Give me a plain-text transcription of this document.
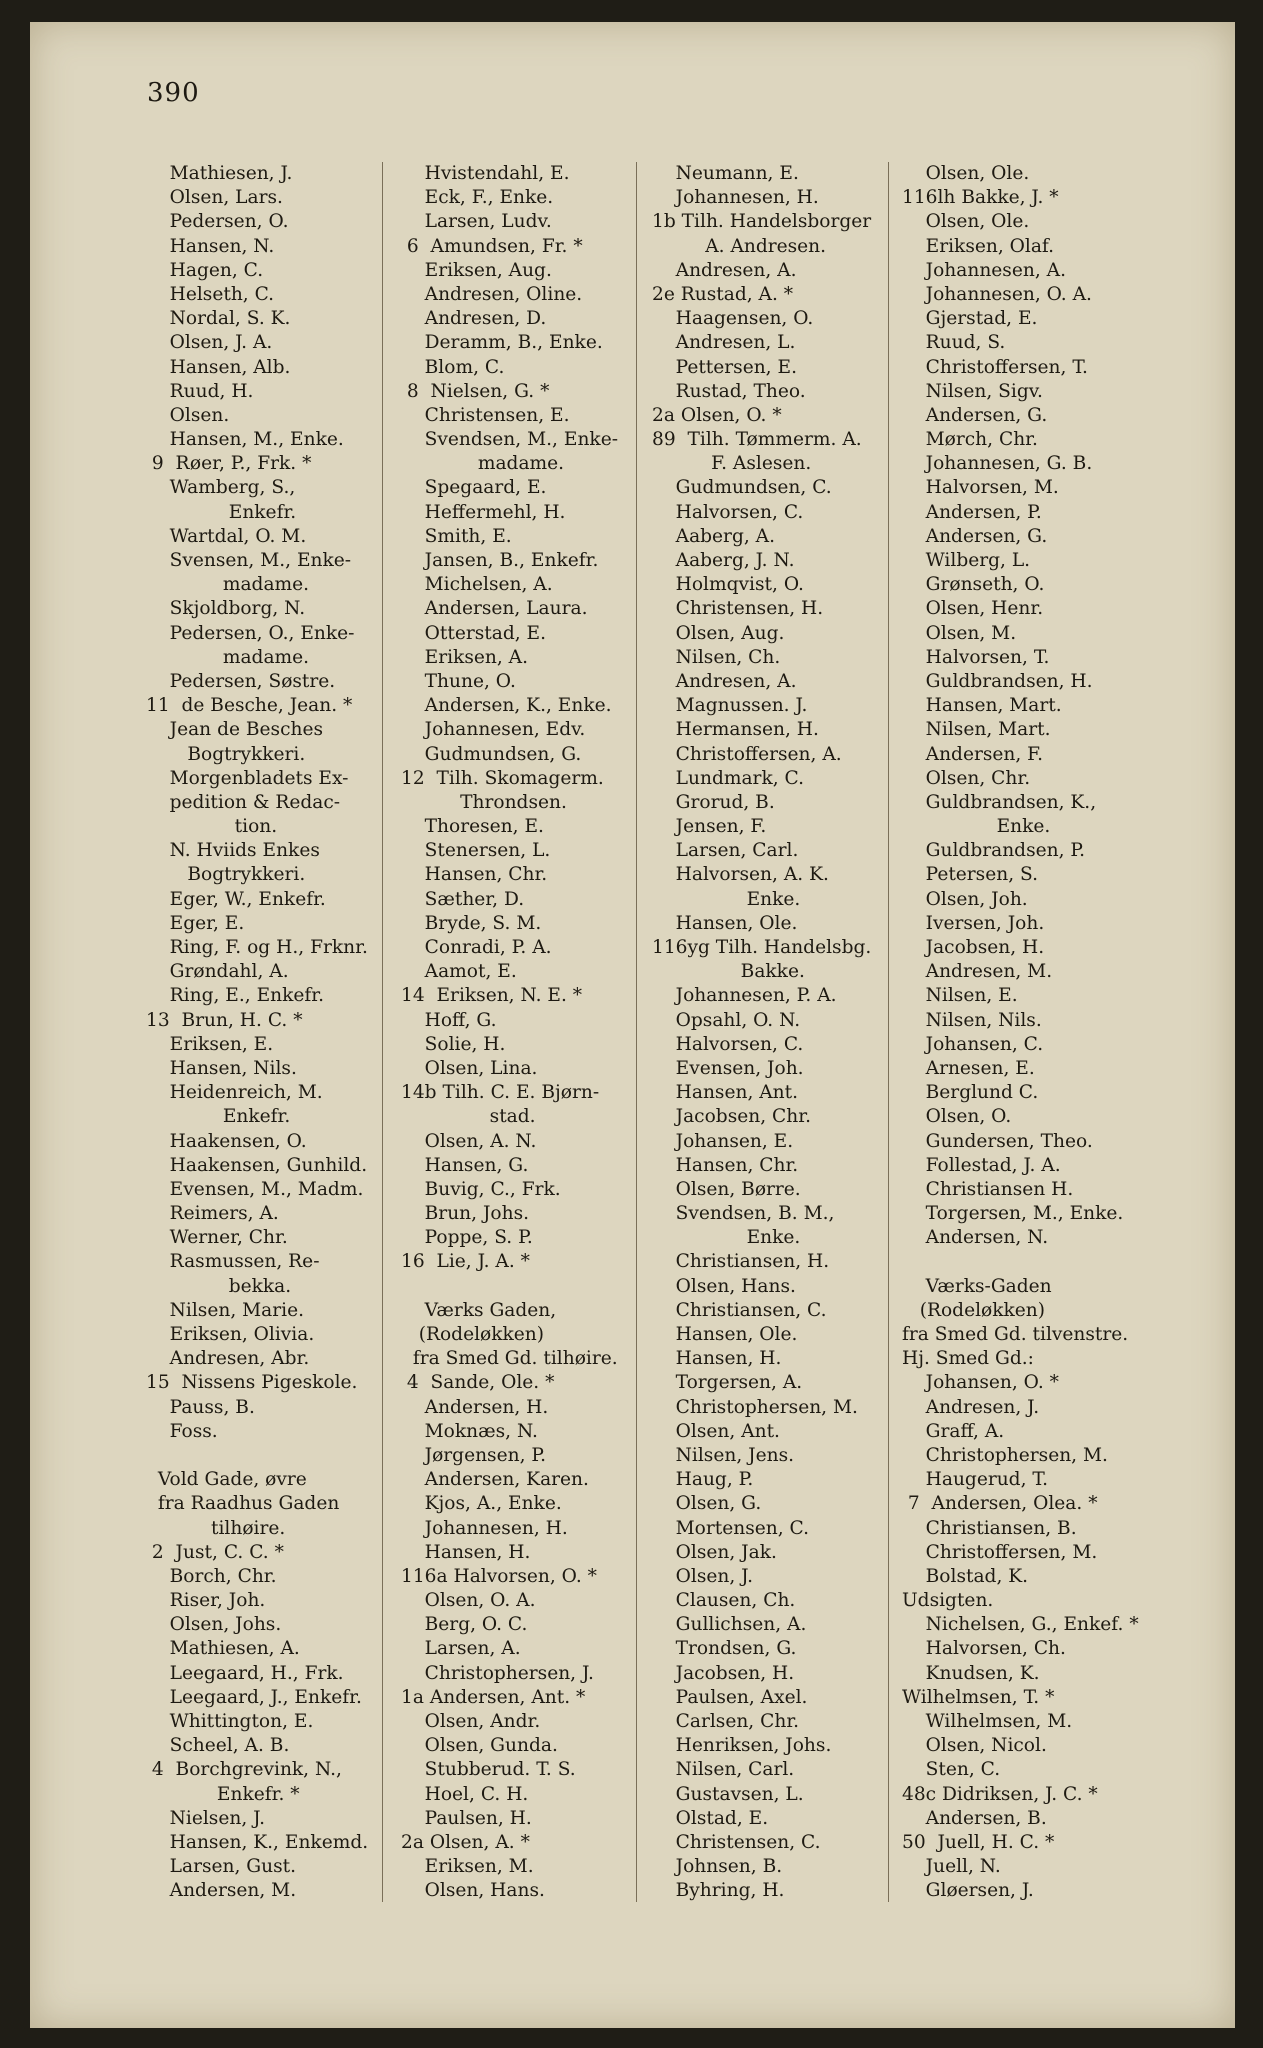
390
Mathiesen, J.
Olsen, Lars.
Pedersen, O.
Hansen, N.
Hagen, C.
Helseth, C.
Nordal, S. K.
Olsen, J. A.
Hansen, Alb.
Ruud, H.
Olsen.
Hansen, M., Enke.
9  Røer, P., Frk. *
Wamberg, S.,
Enkefr.
Wartdal, O. M.
Svensen, M., Enke-
madame.
Skjoldborg, N.
Pedersen, O., Enke-
madame.
Pedersen, Søstre.
11  de Besche, Jean. *
Jean de Besches
Bogtrykkeri.
Morgenbladets Ex-
pedition & Redac-
tion.
N. Hviids Enkes
Bogtrykkeri.
Eger, W., Enkefr.
Eger, E.
Ring, F. og H., Frknr.
Grøndahl, A.
Ring, E., Enkefr.
13  Brun, H. C. *
Eriksen, E.
Hansen, Nils.
Heidenreich, M.
Enkefr.
Haakensen, O.
Haakensen, Gunhild.
Evensen, M., Madm.
Reimers, A.
Werner, Chr.
Rasmussen, Re-
bekka.
Nilsen, Marie.
Eriksen, Olivia.
Andresen, Abr.
15  Nissens Pigeskole.
Pauss, B.
Foss.
Vold Gade, øvre
fra Raadhus Gaden
tilhøire.
2  Just, C. C. *
Borch, Chr.
Riser, Joh.
Olsen, Johs.
Mathiesen, A.
Leegaard, H., Frk.
Leegaard, J., Enkefr.
Whittington, E.
Scheel, A. B.
4  Borchgrevink, N.,
Enkefr. *
Nielsen, J.
Hansen, K., Enkemd.
Larsen, Gust.
Andersen, M.
Hvistendahl, E.
Eck, F., Enke.
Larsen, Ludv.
6  Amundsen, Fr. *
Eriksen, Aug.
Andresen, Oline.
Andresen, D.
Deramm, B., Enke.
Blom, C.
8  Nielsen, G. *
Christensen, E.
Svendsen, M., Enke-
madame.
Spegaard, E.
Heffermehl, H.
Smith, E.
Jansen, B., Enkefr.
Michelsen, A.
Andersen, Laura.
Otterstad, E.
Eriksen, A.
Thune, O.
Andersen, K., Enke.
Johannesen, Edv.
Gudmundsen, G.
12  Tilh. Skomagerm.
Throndsen.
Thoresen, E.
Stenersen, L.
Hansen, Chr.
Sæther, D.
Bryde, S. M.
Conradi, P. A.
Aamot, E.
14  Eriksen, N. E. *
Hoff, G.
Solie, H.
Olsen, Lina.
14b Tilh. C. E. Bjørn-
stad.
Olsen, A. N.
Hansen, G.
Buvig, C., Frk.
Brun, Johs.
Poppe, S. P.
16  Lie, J. A. *
Værks Gaden,
(Rodeløkken)
fra Smed Gd. tilhøire.
4  Sande, Ole. *
Andersen, H.
Moknæs, N.
Jørgensen, P.
Andersen, Karen.
Kjos, A., Enke.
Johannesen, H.
Hansen, H.
116a Halvorsen, O. *
Olsen, O. A.
Berg, O. C.
Larsen, A.
Christophersen, J.
1a Andersen, Ant. *
Olsen, Andr.
Olsen, Gunda.
Stubberud. T. S.
Hoel, C. H.
Paulsen, H.
2a Olsen, A. *
Eriksen, M.
Olsen, Hans.
Neumann, E.
Johannesen, H.
1b Tilh. Handelsborger
A. Andresen.
Andresen, A.
2e Rustad, A. *
Haagensen, O.
Andresen, L.
Pettersen, E.
Rustad, Theo.
2a Olsen, O. *
89  Tilh. Tømmerm. A.
F. Aslesen.
Gudmundsen, C.
Halvorsen, C.
Aaberg, A.
Aaberg, J. N.
Holmqvist, O.
Christensen, H.
Olsen, Aug.
Nilsen, Ch.
Andresen, A.
Magnussen. J.
Hermansen, H.
Christoffersen, A.
Lundmark, C.
Grorud, B.
Jensen, F.
Larsen, Carl.
Halvorsen, A. K.
Enke.
Hansen, Ole.
116yg Tilh. Handelsbg.
Bakke.
Johannesen, P. A.
Opsahl, O. N.
Halvorsen, C.
Evensen, Joh.
Hansen, Ant.
Jacobsen, Chr.
Johansen, E.
Hansen, Chr.
Olsen, Børre.
Svendsen, B. M.,
Enke.
Christiansen, H.
Olsen, Hans.
Christiansen, C.
Hansen, Ole.
Hansen, H.
Torgersen, A.
Christophersen, M.
Olsen, Ant.
Nilsen, Jens.
Haug, P.
Olsen, G.
Mortensen, C.
Olsen, Jak.
Olsen, J.
Clausen, Ch.
Gullichsen, A.
Trondsen, G.
Jacobsen, H.
Paulsen, Axel.
Carlsen, Chr.
Henriksen, Johs.
Nilsen, Carl.
Gustavsen, L.
Olstad, E.
Christensen, C.
Johnsen, B.
Byhring, H.
Olsen, Ole.
116lh Bakke, J. *
Olsen, Ole.
Eriksen, Olaf.
Johannesen, A.
Johannesen, O. A.
Gjerstad, E.
Ruud, S.
Christoffersen, T.
Nilsen, Sigv.
Andersen, G.
Mørch, Chr.
Johannesen, G. B.
Halvorsen, M.
Andersen, P.
Andersen, G.
Wilberg, L.
Grønseth, O.
Olsen, Henr.
Olsen, M.
Halvorsen, T.
Guldbrandsen, H.
Hansen, Mart.
Nilsen, Mart.
Andersen, F.
Olsen, Chr.
Guldbrandsen, K.,
Enke.
Guldbrandsen, P.
Petersen, S.
Olsen, Joh.
Iversen, Joh.
Jacobsen, H.
Andresen, M.
Nilsen, E.
Nilsen, Nils.
Johansen, C.
Arnesen, E.
Berglund C.
Olsen, O.
Gundersen, Theo.
Follestad, J. A.
Christiansen H.
Torgersen, M., Enke.
Andersen, N.
Værks-Gaden
(Rodeløkken)
fra Smed Gd. tilvenstre.
Hj. Smed Gd.:
Johansen, O. *
Andresen, J.
Graff, A.
Christophersen, M.
Haugerud, T.
7  Andersen, Olea. *
Christiansen, B.
Christoffersen, M.
Bolstad, K.
Udsigten.
Nichelsen, G., Enkef. *
Halvorsen, Ch.
Knudsen, K.
Wilhelmsen, T. *
Wilhelmsen, M.
Olsen, Nicol.
Sten, C.
48c Didriksen, J. C. *
Andersen, B.
50  Juell, H. C. *
Juell, N.
Gløersen, J.
